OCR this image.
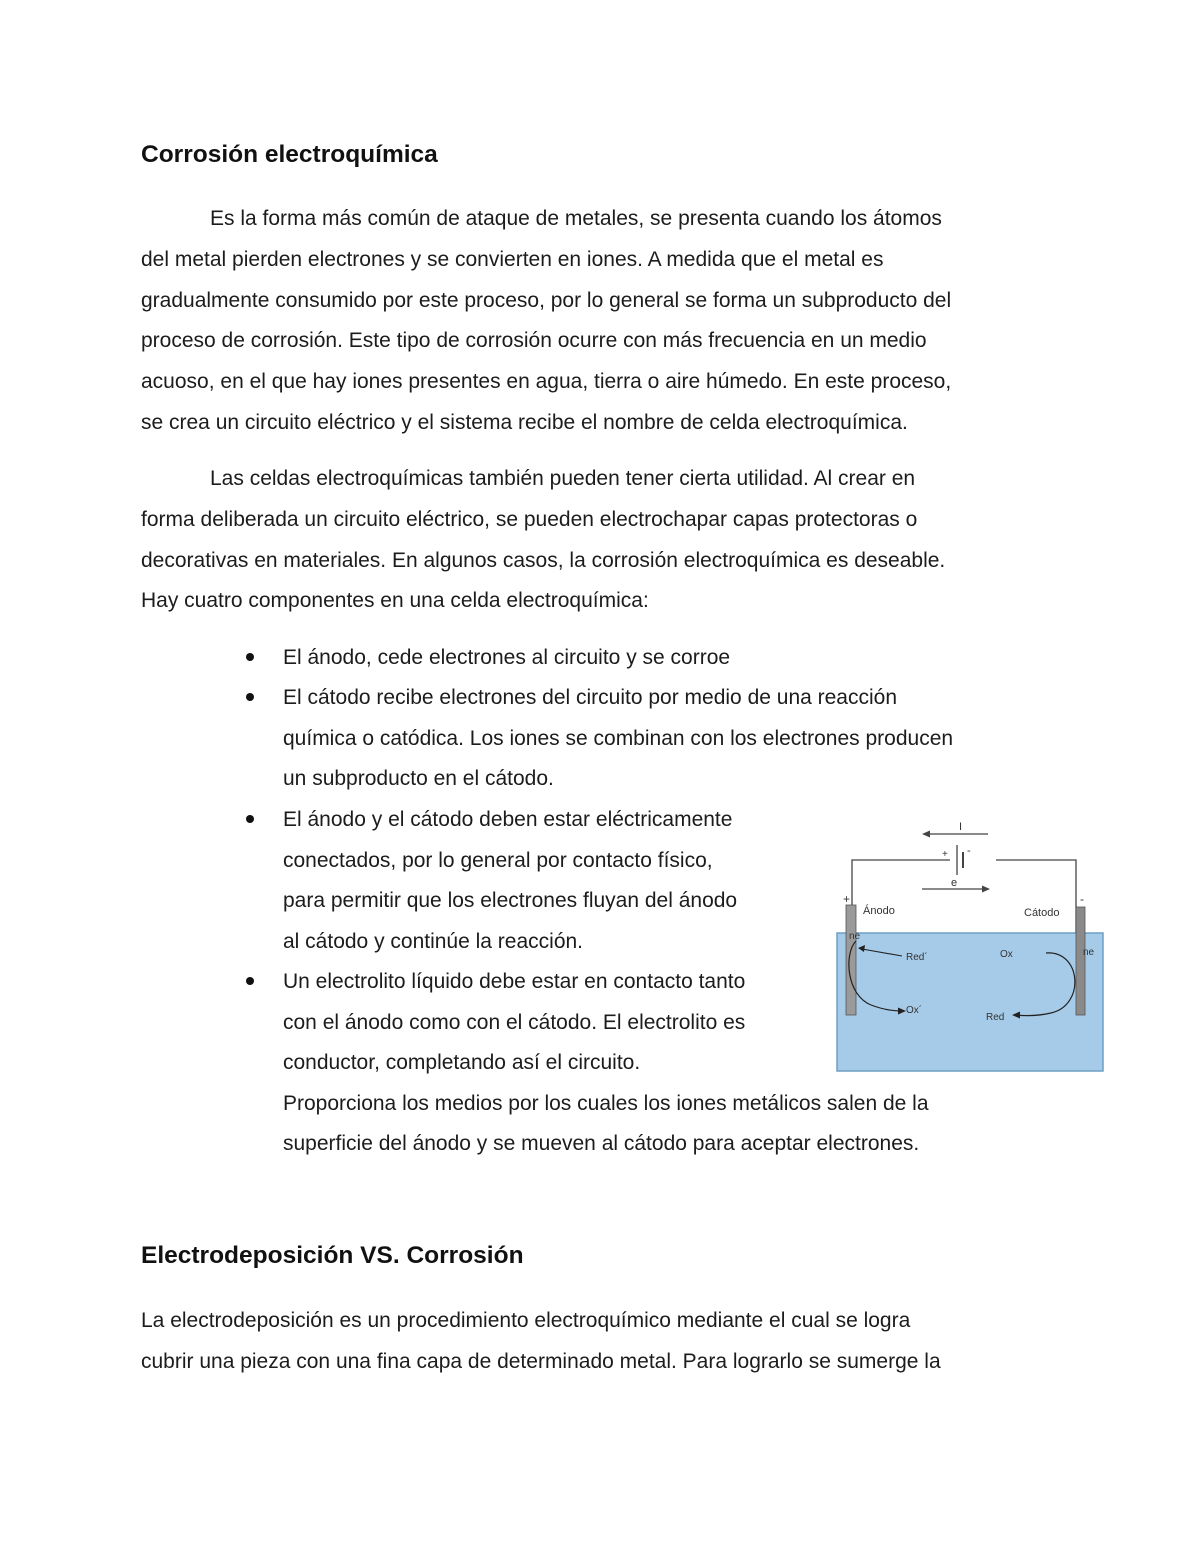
Corrosión electroquímica
Es la forma más común de ataque de metales, se presenta cuando los átomos
del metal pierden electrones y se convierten en iones. A medida que el metal es
gradualmente consumido por este proceso, por lo general se forma un subproducto del
proceso de corrosión. Este tipo de corrosión ocurre con más frecuencia en un medio
acuoso, en el que hay iones presentes en agua, tierra o aire húmedo. En este proceso,
se crea un circuito eléctrico y el sistema recibe el nombre de celda electroquímica.
Las celdas electroquímicas también pueden tener cierta utilidad. Al crear en
forma deliberada un circuito eléctrico, se pueden electrochapar capas protectoras o
decorativas en materiales. En algunos casos, la corrosión electroquímica es deseable.
Hay cuatro componentes en una celda electroquímica:
El ánodo, cede electrones al circuito y se corroe
El cátodo recibe electrones del circuito por medio de una reacción
química o catódica. Los iones se combinan con los electrones producen
un subproducto en el cátodo.
El ánodo y el cátodo deben estar eléctricamente
conectados, por lo general por contacto físico,
para permitir que los electrones fluyan del ánodo
al cátodo y continúe la reacción.
Un electrolito líquido debe estar en contacto tanto
con el ánodo como con el cátodo. El electrolito es
conductor, completando así el circuito.
Proporciona los medios por los cuales los iones metálicos salen de la
superficie del ánodo y se mueven al cátodo para aceptar electrones.
I
+ -
e
+	-
Ánodo	Cátodo
ne
ne
Red´
Ox´
Ox
Red
Electrodeposición VS. Corrosión
La electrodeposición es un procedimiento electroquímico mediante el cual se logra
cubrir una pieza con una fina capa de determinado metal. Para lograrlo se sumerge la
